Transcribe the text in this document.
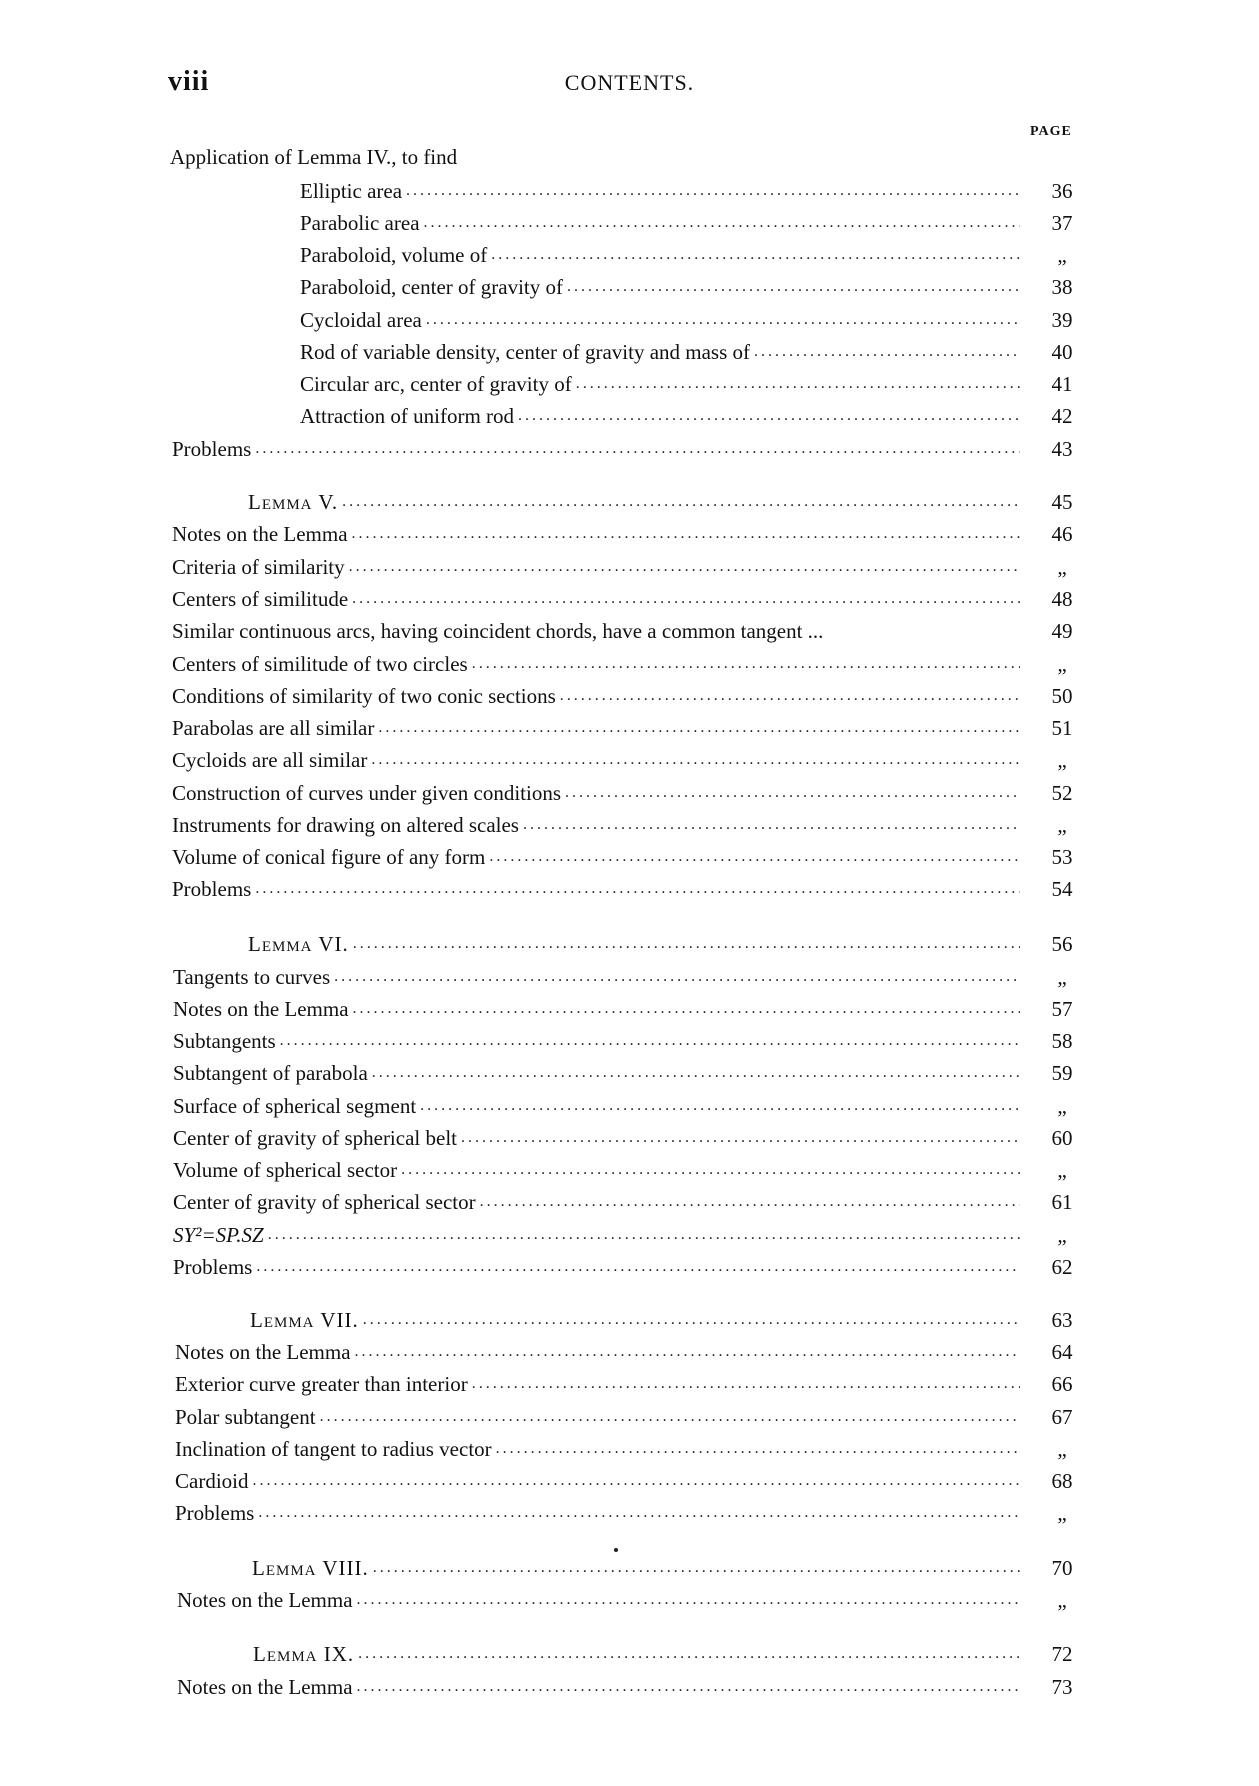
viii	CONTENTS.
PAGE
Application of Lemma IV., to find
Elliptic area .....	36
Parabolic area .....	37
Paraboloid, volume of .....	„
Paraboloid, center of gravity of .....	38
Cycloidal area .....	39
Rod of variable density, center of gravity and mass of .....	40
Circular arc, center of gravity of .....	41
Attraction of uniform rod .....	42
Problems .....	43
Lemma V. .....	45
Notes on the Lemma .....	46
Criteria of similarity .....	„
Centers of similitude .....	48
Similar continuous arcs, having coincident chords, have a common tangent ...	49
Centers of similitude of two circles .....	„
Conditions of similarity of two conic sections .....	50
Parabolas are all similar .....	51
Cycloids are all similar .....	„
Construction of curves under given conditions .....	52
Instruments for drawing on altered scales .....	„
Volume of conical figure of any form .....	53
Problems .....	54
Lemma VI. .....	56
Tangents to curves .....	„
Notes on the Lemma .....	57
Subtangents .....	58
Subtangent of parabola .....	59
Surface of spherical segment .....	„
Center of gravity of spherical belt .....	60
Volume of spherical sector .....	„
Center of gravity of spherical sector .....	61
SY²=SP.SZ .....	„
Problems .....	62
Lemma VII. .....	63
Notes on the Lemma .....	64
Exterior curve greater than interior .....	66
Polar subtangent .....	67
Inclination of tangent to radius vector .....	„
Cardioid .....	68
Problems .....	„
Lemma VIII. .....	70
Notes on the Lemma .....	„
Lemma IX. .....	72
Notes on the Lemma .....	73
